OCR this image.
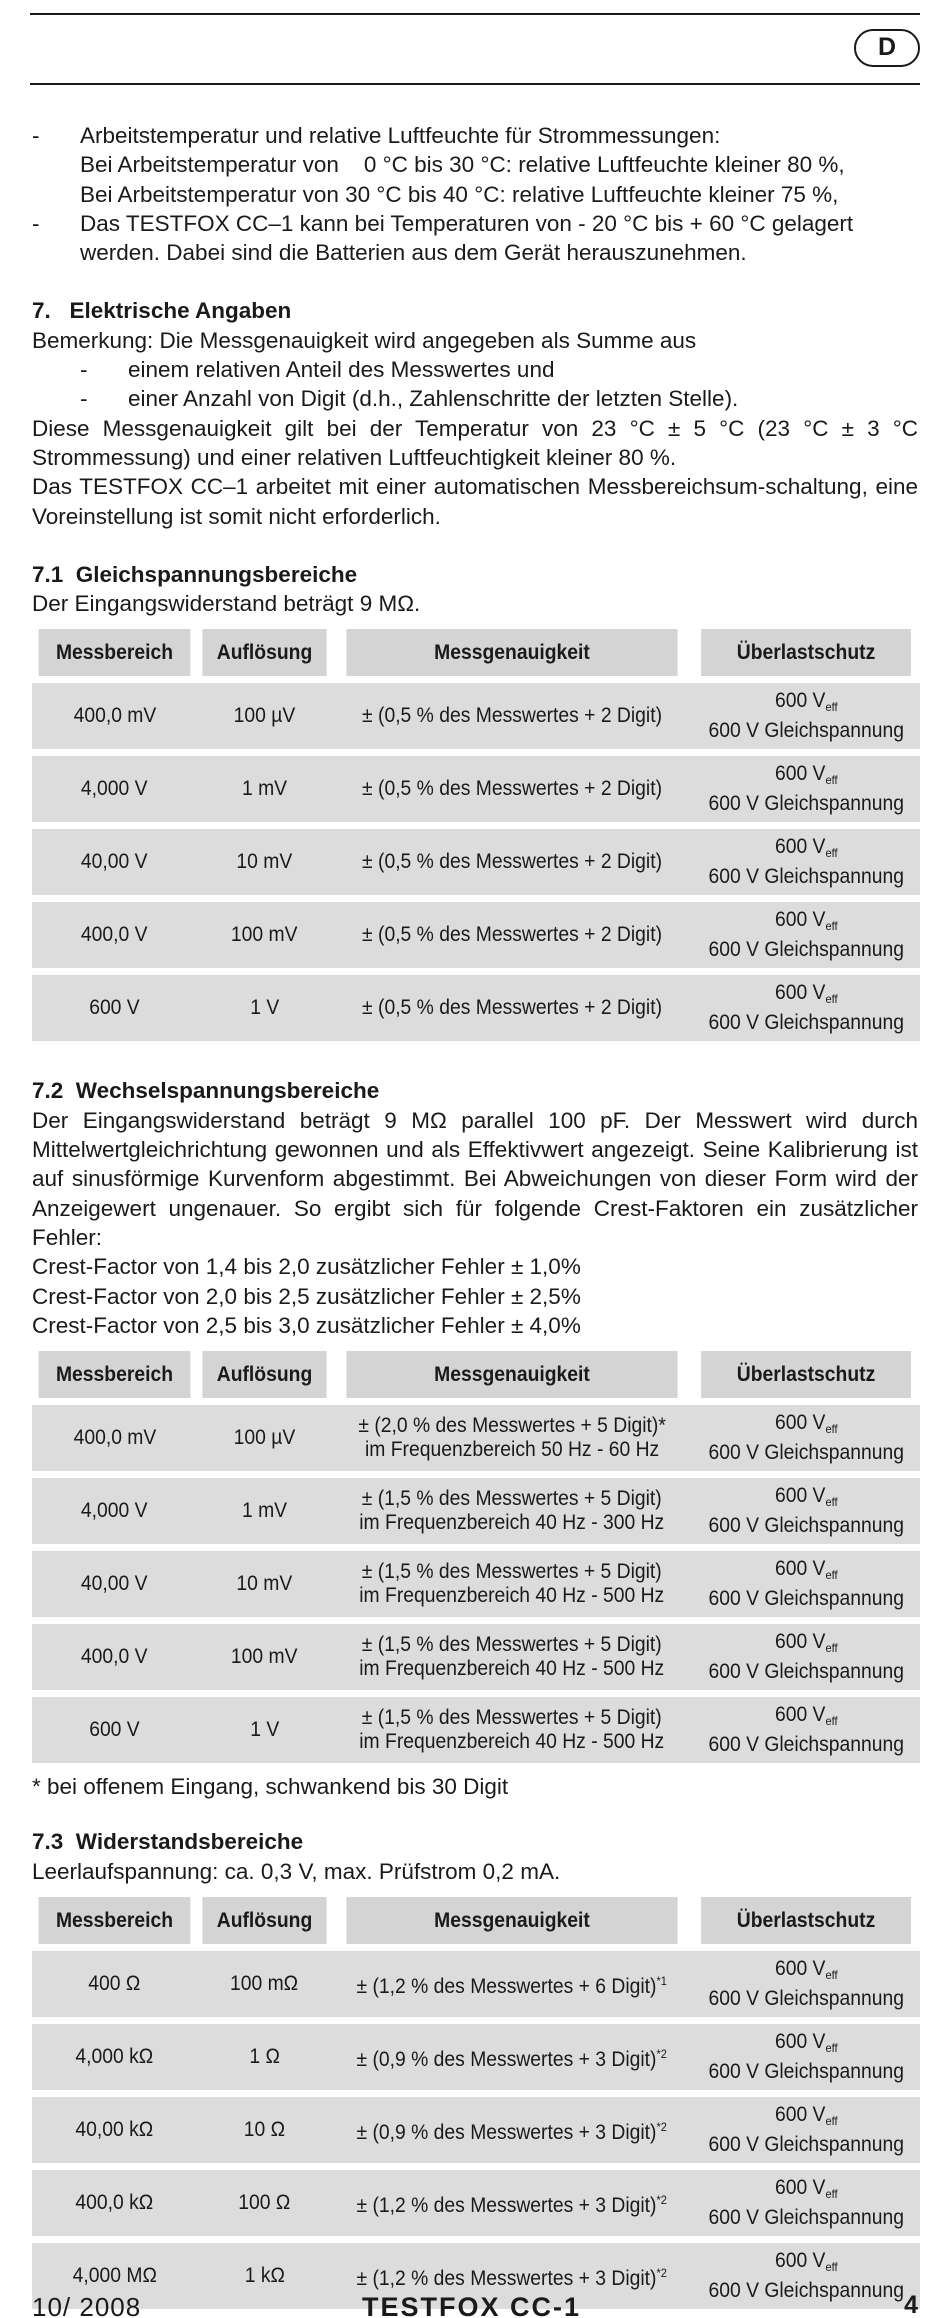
D
- Arbeitstemperatur und relative Luftfeuchte für Strommessungen:
Bei Arbeitstemperatur von    0 °C bis 30 °C: relative Luftfeuchte kleiner 80 %,
Bei Arbeitstemperatur von 30 °C bis 40 °C: relative Luftfeuchte kleiner 75 %,
- Das TESTFOX CC–1 kann bei Temperaturen von - 20 °C bis + 60 °C gelagert
werden. Dabei sind die Batterien aus dem Gerät herauszunehmen.
7.   Elektrische Angaben
Bemerkung: Die Messgenauigkeit wird angegeben als Summe aus
- einem relativen Anteil des Messwertes und
- einer Anzahl von Digit (d.h., Zahlenschritte der letzten Stelle).
Diese Messgenauigkeit gilt bei der Temperatur von 23 °C ± 5 °C (23 °C ± 3 °C Strommessung) und einer relativen Luftfeuchtigkeit kleiner 80 %.
Das TESTFOX CC–1 arbeitet mit einer automatischen Messbereichsum-schaltung, eine Voreinstellung ist somit nicht erforderlich.
7.1  Gleichspannungsbereiche
Der Eingangswiderstand beträgt 9 MΩ.
Messbereich	Auflösung	Messgenauigkeit	Überlastschutz
400,0 mV	100 µV	± (0,5 % des Messwertes + 2 Digit)	600 $V_{eff}$
600 V Gleichspannung
4,000 V	1 mV	± (0,5 % des Messwertes + 2 Digit)	600 $V_{eff}$
600 V Gleichspannung
40,00 V	10 mV	± (0,5 % des Messwertes + 2 Digit)	600 $V_{eff}$
600 V Gleichspannung
400,0 V	100 mV	± (0,5 % des Messwertes + 2 Digit)	600 $V_{eff}$
600 V Gleichspannung
600 V	1 V	± (0,5 % des Messwertes + 2 Digit)	600 $V_{eff}$
600 V Gleichspannung
7.2  Wechselspannungsbereiche
Der Eingangswiderstand beträgt 9 MΩ parallel 100 pF. Der Messwert wird durch Mittelwertgleichrichtung gewonnen und als Effektivwert angezeigt. Seine Kalibrierung ist auf sinusförmige Kurvenform abgestimmt. Bei Abweichungen von dieser Form wird der Anzeigewert ungenauer. So ergibt sich für folgende Crest-Faktoren ein zusätzlicher Fehler:
Crest-Factor von 1,4 bis 2,0 zusätzlicher Fehler ± 1,0%
Crest-Factor von 2,0 bis 2,5 zusätzlicher Fehler ± 2,5%
Crest-Factor von 2,5 bis 3,0 zusätzlicher Fehler ± 4,0%
Messbereich	Auflösung	Messgenauigkeit	Überlastschutz
400,0 mV	100 µV	± (2,0 % des Messwertes + 5 Digit)*
im Frequenzbereich 50 Hz - 60 Hz	600 $V_{eff}$
600 V Gleichspannung
4,000 V	1 mV	± (1,5 % des Messwertes + 5 Digit)
im Frequenzbereich 40 Hz - 300 Hz	600 $V_{eff}$
600 V Gleichspannung
40,00 V	10 mV	± (1,5 % des Messwertes + 5 Digit)
im Frequenzbereich 40 Hz - 500 Hz	600 $V_{eff}$
600 V Gleichspannung
400,0 V	100 mV	± (1,5 % des Messwertes + 5 Digit)
im Frequenzbereich 40 Hz - 500 Hz	600 $V_{eff}$
600 V Gleichspannung
600 V	1 V	± (1,5 % des Messwertes + 5 Digit)
im Frequenzbereich 40 Hz - 500 Hz	600 $V_{eff}$
600 V Gleichspannung
* bei offenem Eingang, schwankend bis 30 Digit
7.3  Widerstandsbereiche
Leerlaufspannung: ca. 0,3 V, max. Prüfstrom 0,2 mA.
Messbereich	Auflösung	Messgenauigkeit	Überlastschutz
400 Ω	100 mΩ	± (1,2 % des Messwertes + 6 Digit)$^{*1}$	600 $V_{eff}$
600 V Gleichspannung
4,000 kΩ	1 Ω	± (0,9 % des Messwertes + 3 Digit)$^{*2}$	600 $V_{eff}$
600 V Gleichspannung
40,00 kΩ	10 Ω	± (0,9 % des Messwertes + 3 Digit)$^{*2}$	600 $V_{eff}$
600 V Gleichspannung
400,0 kΩ	100 Ω	± (1,2 % des Messwertes + 3 Digit)$^{*2}$	600 $V_{eff}$
600 V Gleichspannung
4,000 MΩ	1 kΩ	± (1,2 % des Messwertes + 3 Digit)$^{*2}$	600 $V_{eff}$
600 V Gleichspannung
10/ 2008	TESTFOX CC-1	4
